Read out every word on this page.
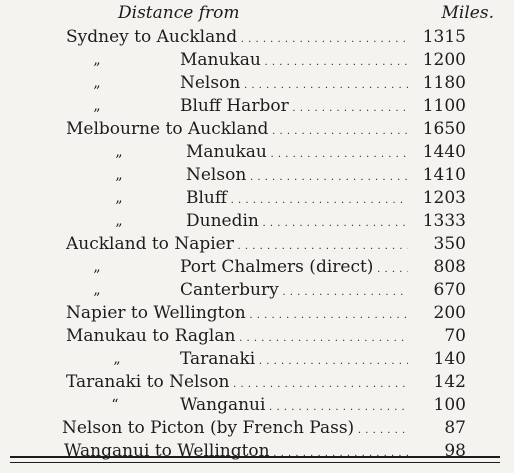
Distance from	Miles.
Sydney to Auckland . . .	1315
„	Manukau . . .	1200
„	Nelson . . .	1180
„	Bluff Harbor . . .	1100
Melbourne to Auckland . . .	1650
„	Manukau . . .	1440
„	Nelson . . .	1410
„	Bluff . . .	1203
„	Dunedin . . .	1333
Auckland to Napier . . .	350
„	Port Chalmers (direct) . . .	808
„	Canterbury . . .	670
Napier to Wellington . . .	200
Manukau to Raglan . . .	70
„	Taranaki . . .	140
Taranaki to Nelson . . .	142
“	Wanganui . . .	100
Nelson to Picton (by French Pass) . . .	87
Wanganui to Wellington . . .	98
